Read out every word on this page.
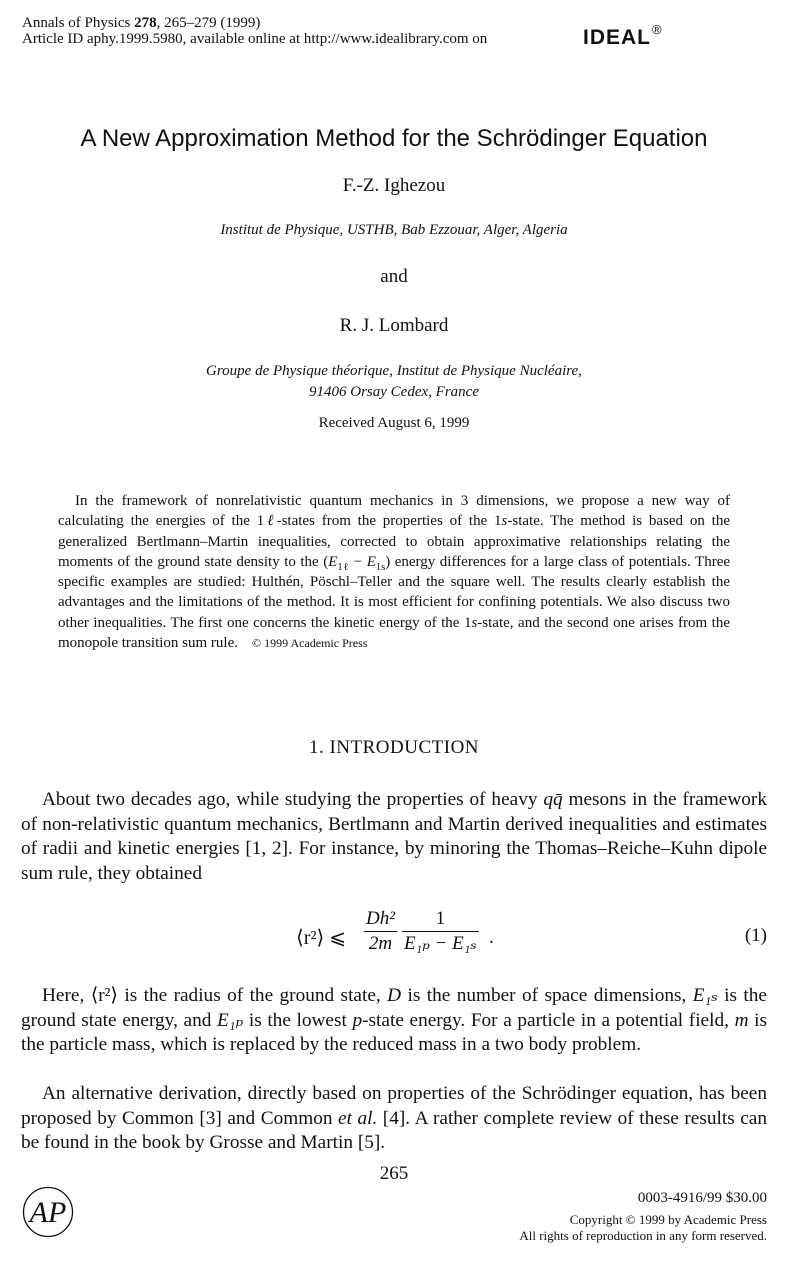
Annals of Physics 278, 265–279 (1999)
Article ID aphy.1999.5980, available online at http://www.idealibrary.com on	IDEAL ®
A New Approximation Method for the Schrödinger Equation
F.-Z. Ighezou
Institut de Physique, USTHB, Bab Ezzouar, Alger, Algeria
and
R. J. Lombard
Groupe de Physique théorique, Institut de Physique Nucléaire,
91406 Orsay Cedex, France
Received August 6, 1999
In the framework of nonrelativistic quantum mechanics in 3 dimensions, we propose a new way of calculating the energies of the 1ℓ-states from the properties of the 1s-state. The method is based on the generalized Bertlmann–Martin inequalities, corrected to obtain approximative relationships relating the moments of the ground state density to the $(E_{1\ell} - E_{1s})$ energy differences for a large class of potentials. Three specific examples are studied: Hulthén, Pöschl–Teller and the square well. The results clearly establish the advantages and the limitations of the method. It is most efficient for confining potentials. We also discuss two other inequalities. The first one concerns the kinetic energy of the 1s-state, and the second one arises from the monopole transition sum rule. © 1999 Academic Press
1. INTRODUCTION
About two decades ago, while studying the properties of heavy qq̄ mesons in the framework of non-relativistic quantum mechanics, Bertlmann and Martin derived inequalities and estimates of radii and kinetic energies [1, 2]. For instance, by minoring the Thomas–Reiche–Kuhn dipole sum rule, they obtained
⟨r²⟩ ⩽
Dh²
2m
1
E₁ₚ − E₁ₛ .	(1)
Here, ⟨r²⟩ is the radius of the ground state, D is the number of space dimensions, E₁ₛ is the ground state energy, and E₁ₚ is the lowest p-state energy. For a particle in a potential field, m is the particle mass, which is replaced by the reduced mass in a two body problem.
An alternative derivation, directly based on properties of the Schrödinger equation, has been proposed by Common [3] and Common et al. [4]. A rather complete review of these results can be found in the book by Grosse and Martin [5].
265
AP	0003-4916/99 $30.00
Copyright © 1999 by Academic Press
All rights of reproduction in any form reserved.
